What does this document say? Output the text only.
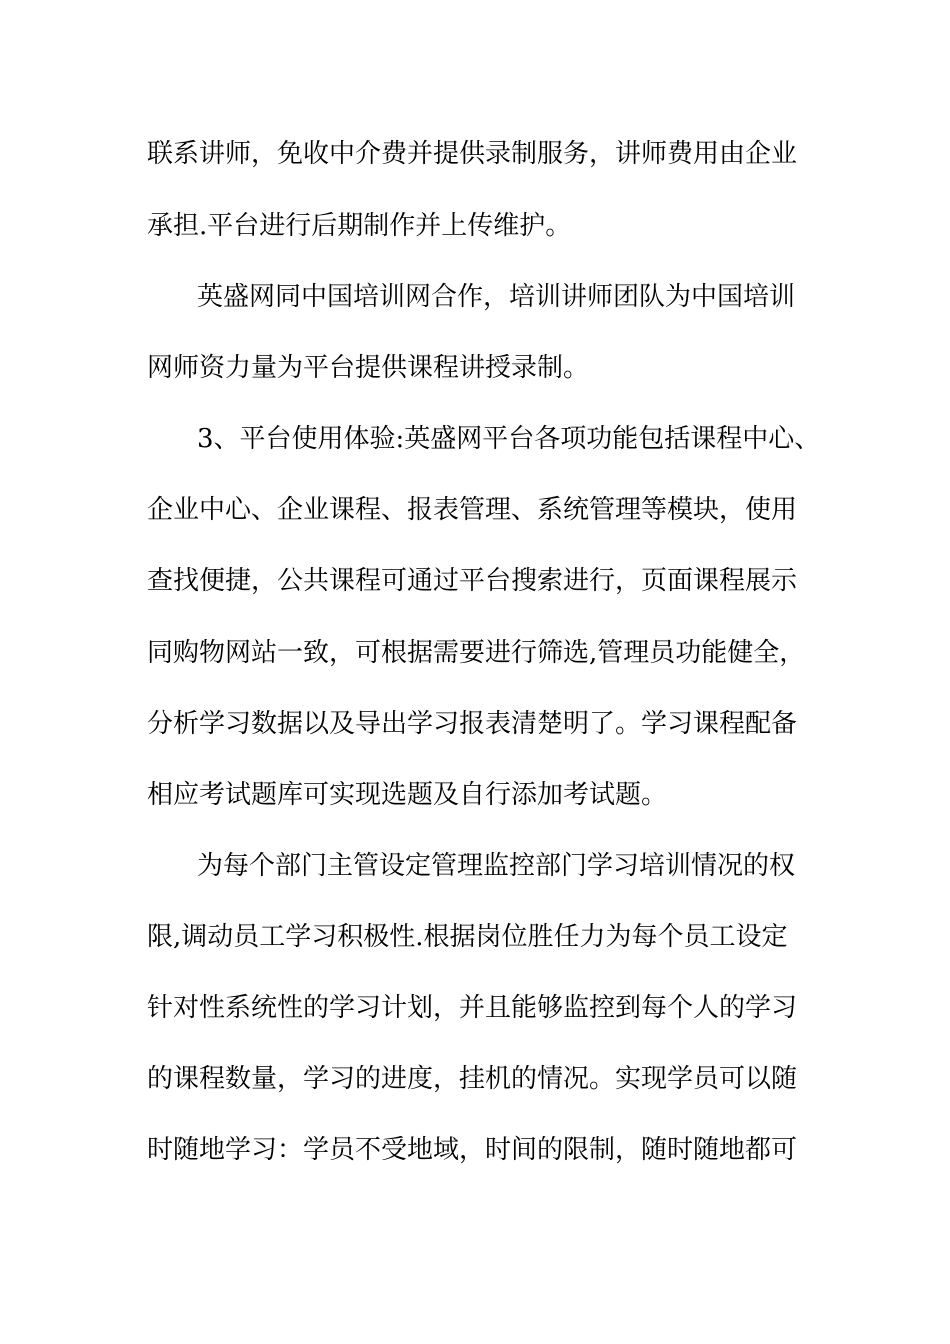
联系讲师，免收中介费并提供录制服务，讲师费用由企业
承担.平台进行后期制作并上传维护。
英盛网同中国培训网合作，培训讲师团队为中国培训
网师资力量为平台提供课程讲授录制。
3、平台使用体验:英盛网平台各项功能包括课程中心、
企业中心、企业课程、报表管理、系统管理等模块，使用
查找便捷，公共课程可通过平台搜索进行，页面课程展示
同购物网站一致，可根据需要进行筛选,管理员功能健全，
分析学习数据以及导出学习报表清楚明了。学习课程配备
相应考试题库可实现选题及自行添加考试题。
为每个部门主管设定管理监控部门学习培训情况的权
限,调动员工学习积极性.根据岗位胜任力为每个员工设定
针对性系统性的学习计划，并且能够监控到每个人的学习
的课程数量，学习的进度，挂机的情况。实现学员可以随
时随地学习：学员不受地域，时间的限制，随时随地都可
